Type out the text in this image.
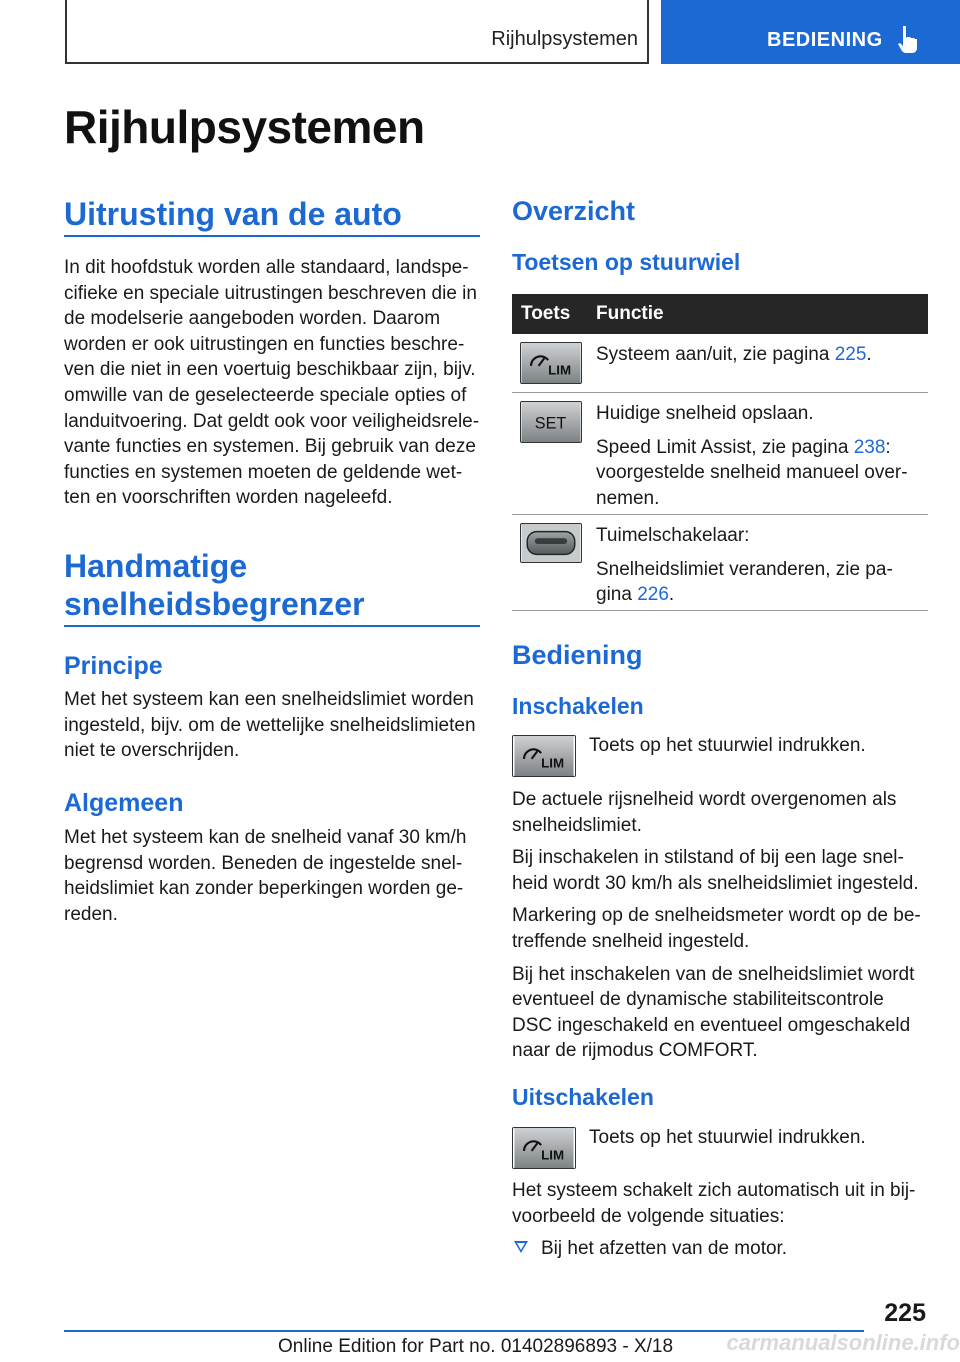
Rijhulpsystemen	BEDIENING
Rijhulpsystemen
Uitrusting van de auto
In dit hoofdstuk worden alle standaard, landspe-cifieke en speciale uitrustingen beschreven die in de modelserie aangeboden worden. Daarom worden er ook uitrustingen en functies beschre-ven die niet in een voertuig beschikbaar zijn, bijv. omwille van de geselecteerde speciale opties of landuitvoering. Dat geldt ook voor veiligheidsrele-vante functies en systemen. Bij gebruik van deze functies en systemen moeten de geldende wet-ten en voorschriften worden nageleefd.
Handmatige
snelheidsbegrenzer
Principe
Met het systeem kan een snelheidslimiet worden ingesteld, bijv. om de wettelijke snelheidslimieten niet te overschrijden.
Algemeen
Met het systeem kan de snelheid vanaf 30 km/h begrensd worden. Beneden de ingestelde snel-heidslimiet kan zonder beperkingen worden ge-reden.
Overzicht
Toetsen op stuurwiel
Toets Functie
LIM
Systeem aan/uit, zie pagina 225.
SET Huidige snelheid opslaan.

Speed Limit Assist, zie pagina 238: voorgestelde snelheid manueel over-nemen.

Tuimelschakelaar:

Snelheidslimiet veranderen, zie pa-gina 226.

Bediening
Inschakelen
LIM
Toets op het stuurwiel indrukken.

De actuele rijsnelheid wordt overgenomen als snelheidslimiet.

Bij inschakelen in stilstand of bij een lage snel-heid wordt 30 km/h als snelheidslimiet ingesteld.

Markering op de snelheidsmeter wordt op de be-treffende snelheid ingesteld.

Bij het inschakelen van de snelheidslimiet wordt eventueel de dynamische stabiliteitscontrole DSC ingeschakeld en eventueel omgeschakeld naar de rijmodus COMFORT.

Uitschakelen
LIM
Toets op het stuurwiel indrukken.
Het systeem schakelt zich automatisch uit in bij-voorbeeld de volgende situaties:
Bij het afzetten van de motor.
225
Online Edition for Part no. 01402896893 - X/18 carmanualsonline.info
